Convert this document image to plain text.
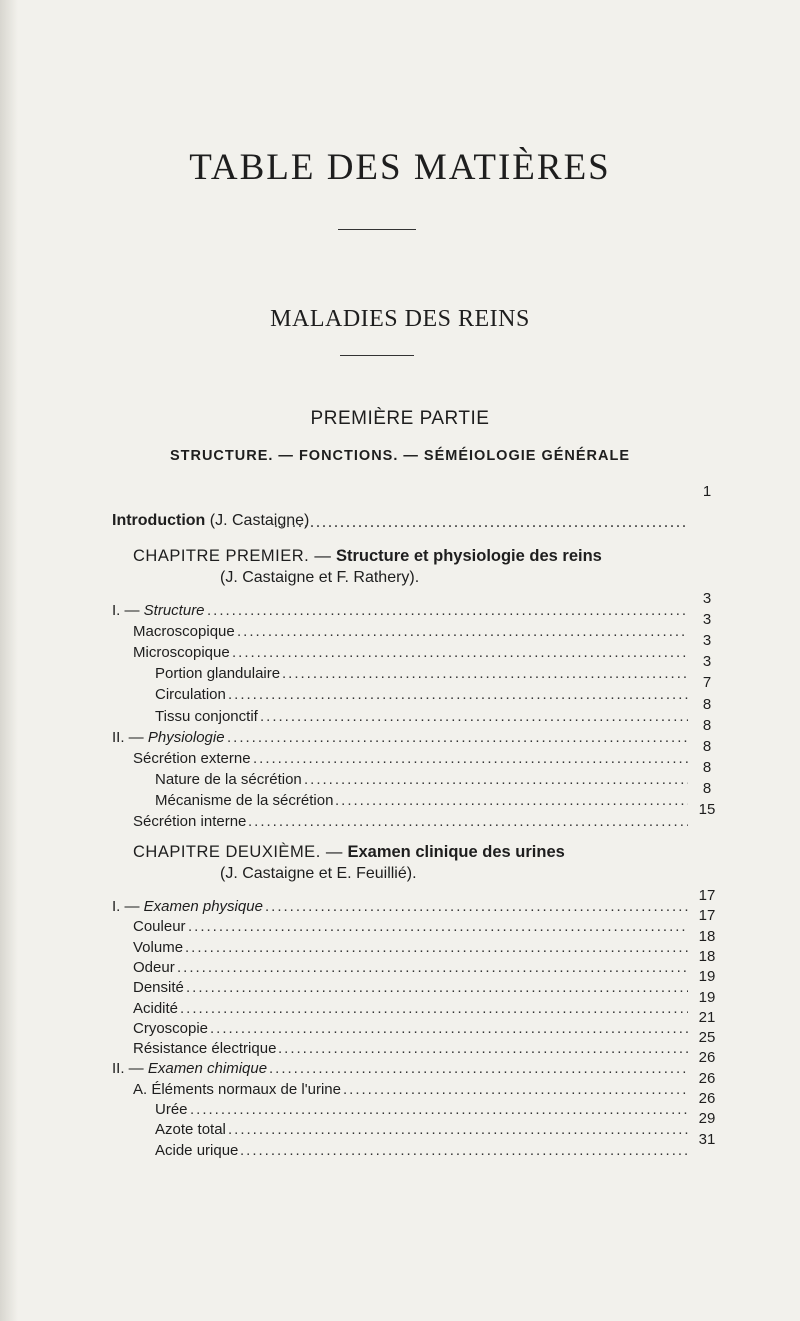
TABLE DES MATIÈRES
MALADIES DES REINS
PREMIÈRE PARTIE
STRUCTURE. — FONCTIONS. — SÉMÉIOLOGIE GÉNÉRALE
Introduction (J. Castaigne)
.....
1
CHAPITRE PREMIER. — Structure et physiologie des reins
(J. Castaigne et F. Rathery).
I. — Structure
.....
3
Macroscopique
.....
3
Microscopique
.....
3
Portion glandulaire
.....
3
Circulation
.....
7
Tissu conjonctif
.....
8
II. — Physiologie
.....
8
Sécrétion externe
.....
8
Nature de la sécrétion
.....
8
Mécanisme de la sécrétion
.....
8
Sécrétion interne
.....
15
CHAPITRE DEUXIÈME. — Examen clinique des urines
(J. Castaigne et E. Feuillié).
I. — Examen physique
.....
17
Couleur
.....
17
Volume
.....
18
Odeur
.....
18
Densité
.....
19
Acidité
.....
19
Cryoscopie
.....
21
Résistance électrique
.....
25
II. — Examen chimique
.....
26
A. Éléments normaux de l'urine
.....
26
Urée
.....
26
Azote total
.....
29
Acide urique
.....
31
